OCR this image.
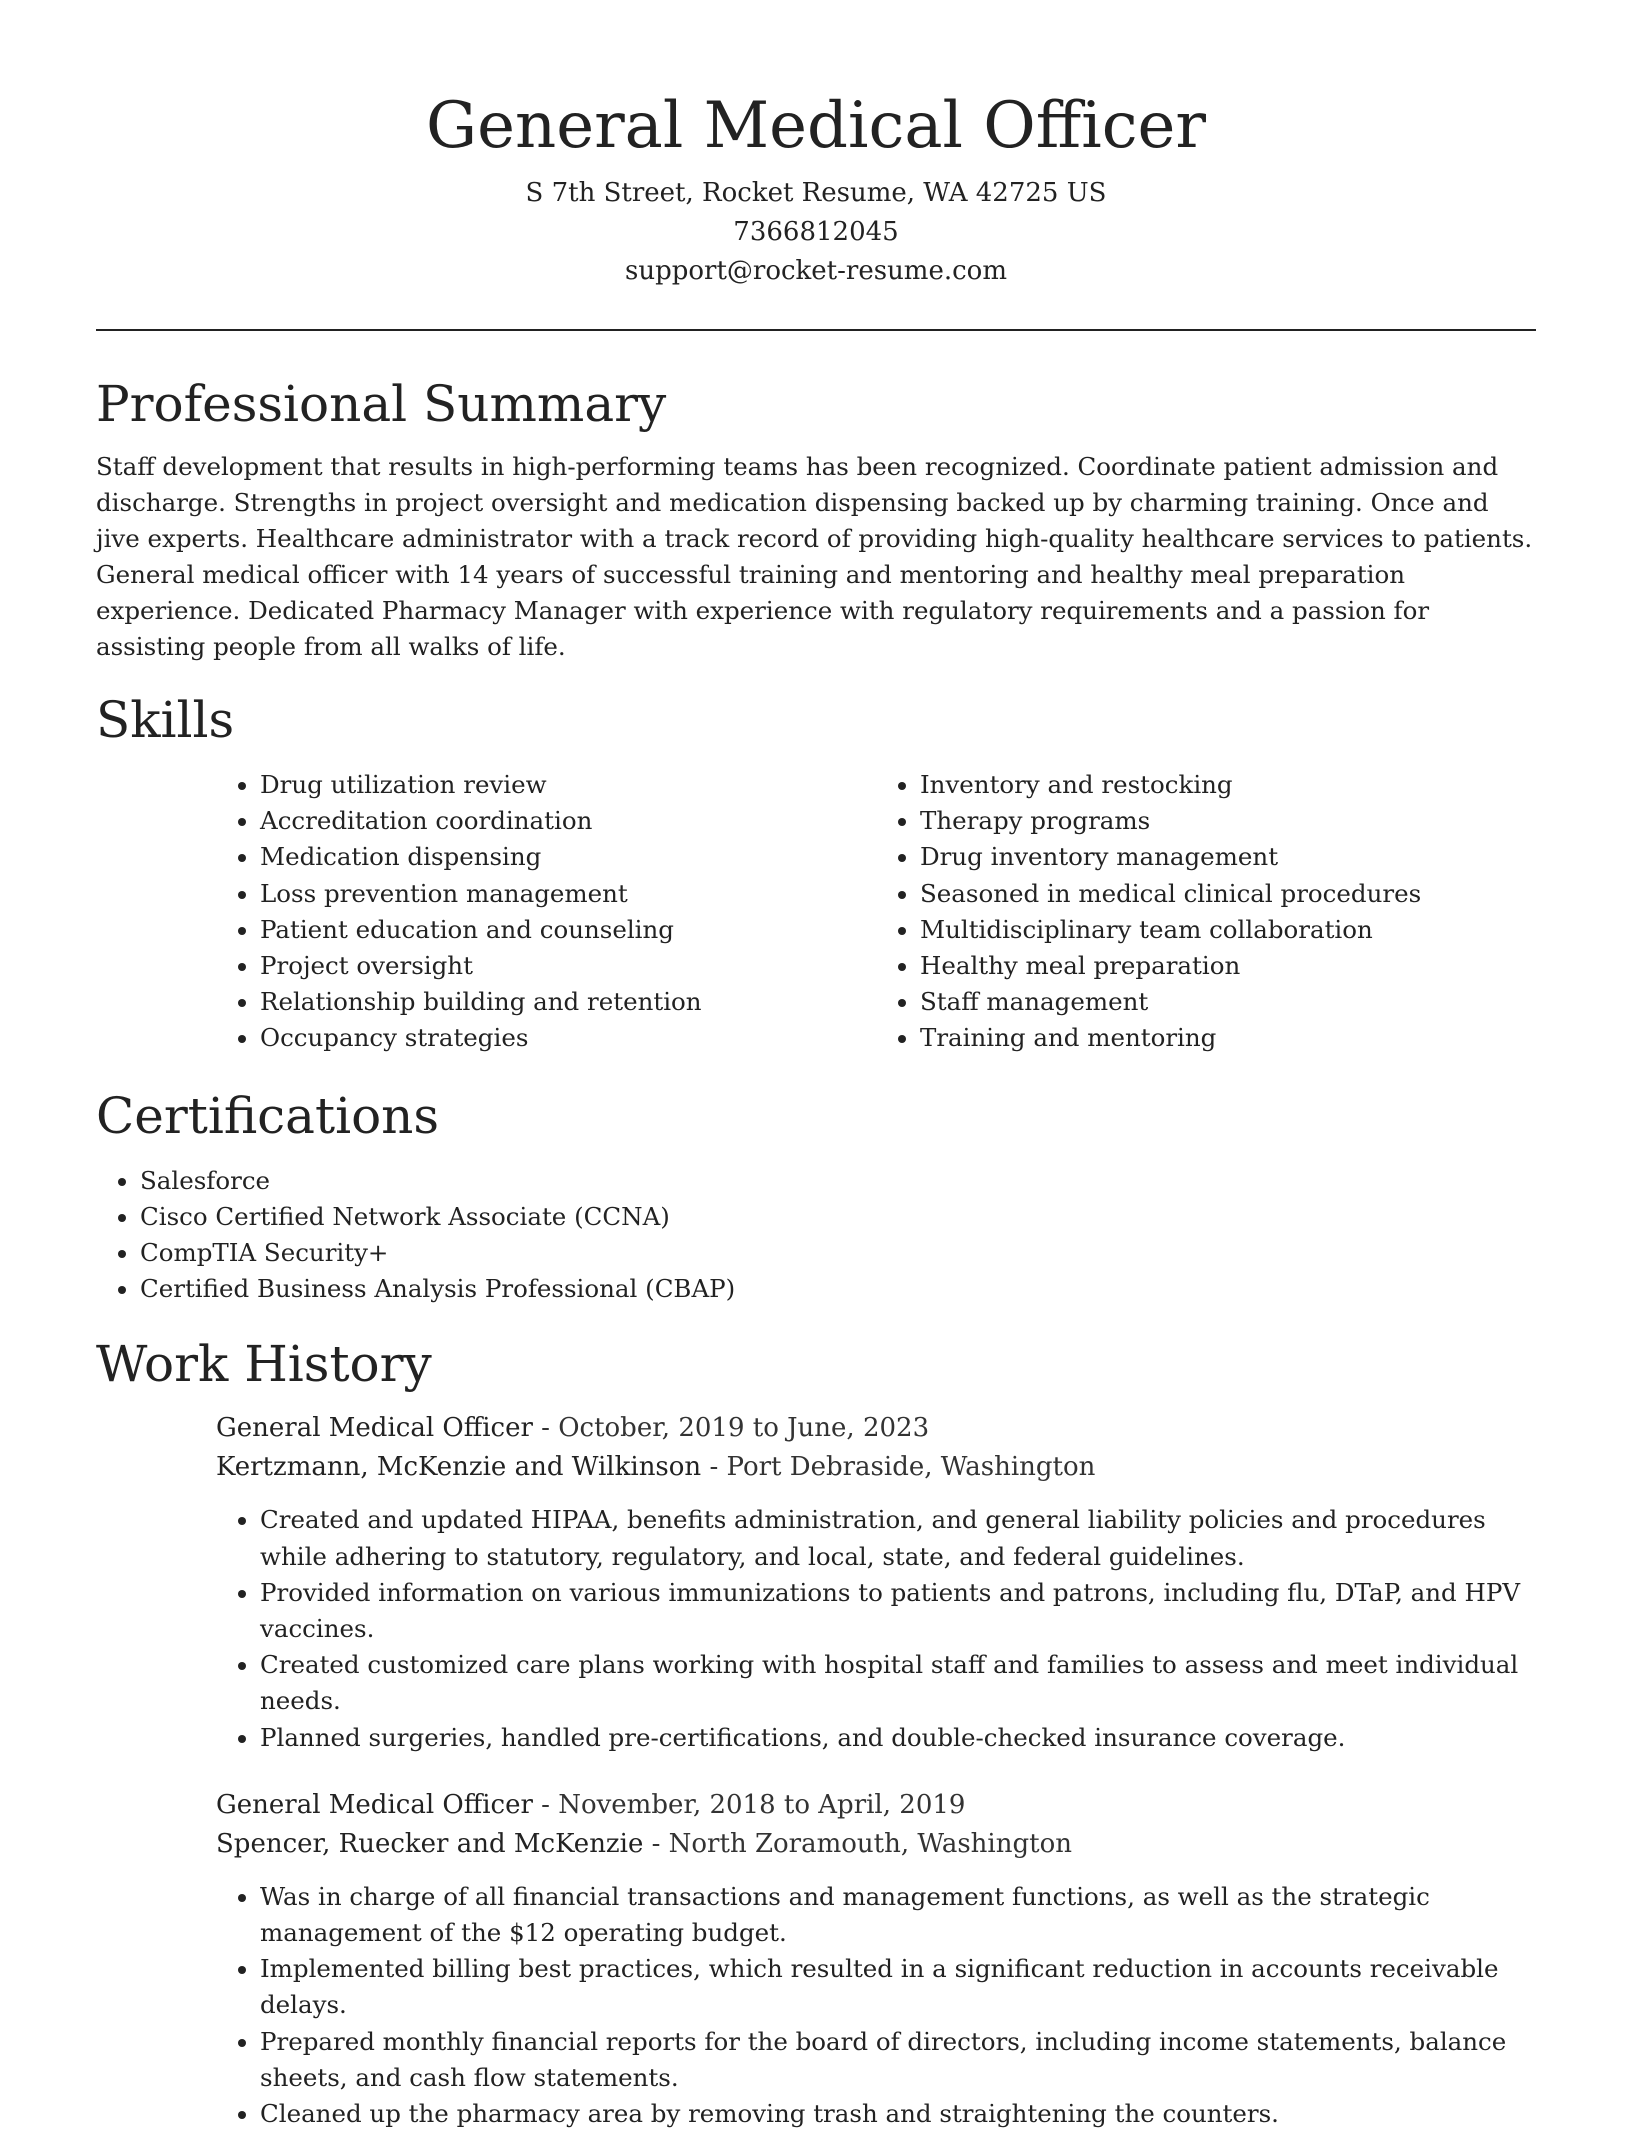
General Medical Officer
S 7th Street, Rocket Resume, WA 42725 US
7366812045
support@rocket-resume.com
Professional Summary

Staff development that results in high-performing teams has been recognized. Coordinate patient admission and discharge. Strengths in project oversight and medication dispensing backed up by charming training. Once and jive experts. Healthcare administrator with a track record of providing high-quality healthcare services to patients. General medical officer with 14 years of successful training and mentoring and healthy meal preparation experience. Dedicated Pharmacy Manager with experience with regulatory requirements and a passion for assisting people from all walks of life.

Skills
• Drug utilization review
• Accreditation coordination
• Medication dispensing
• Loss prevention management
• Patient education and counseling
• Project oversight
• Relationship building and retention
• Occupancy strategies
• Inventory and restocking
• Therapy programs
• Drug inventory management
• Seasoned in medical clinical procedures
• Multidisciplinary team collaboration
• Healthy meal preparation
• Staff management
• Training and mentoring
Certifications
• Salesforce
• Cisco Certified Network Associate (CCNA)
• CompTIA Security+
• Certified Business Analysis Professional (CBAP)
Work History
General Medical Officer - October, 2019 to June, 2023
Kertzmann, McKenzie and Wilkinson - Port Debraside, Washington
• Created and updated HIPAA, benefits administration, and general liability policies and procedures while adhering to statutory, regulatory, and local, state, and federal guidelines.
• Provided information on various immunizations to patients and patrons, including flu, DTaP, and HPV vaccines.
• Created customized care plans working with hospital staff and families to assess and meet individual needs.
• Planned surgeries, handled pre-certifications, and double-checked insurance coverage.
General Medical Officer - November, 2018 to April, 2019
Spencer, Ruecker and McKenzie - North Zoramouth, Washington
• Was in charge of all financial transactions and management functions, as well as the strategic management of the $12 operating budget.
• Implemented billing best practices, which resulted in a significant reduction in accounts receivable delays.
• Prepared monthly financial reports for the board of directors, including income statements, balance sheets, and cash flow statements.
• Cleaned up the pharmacy area by removing trash and straightening the counters.
